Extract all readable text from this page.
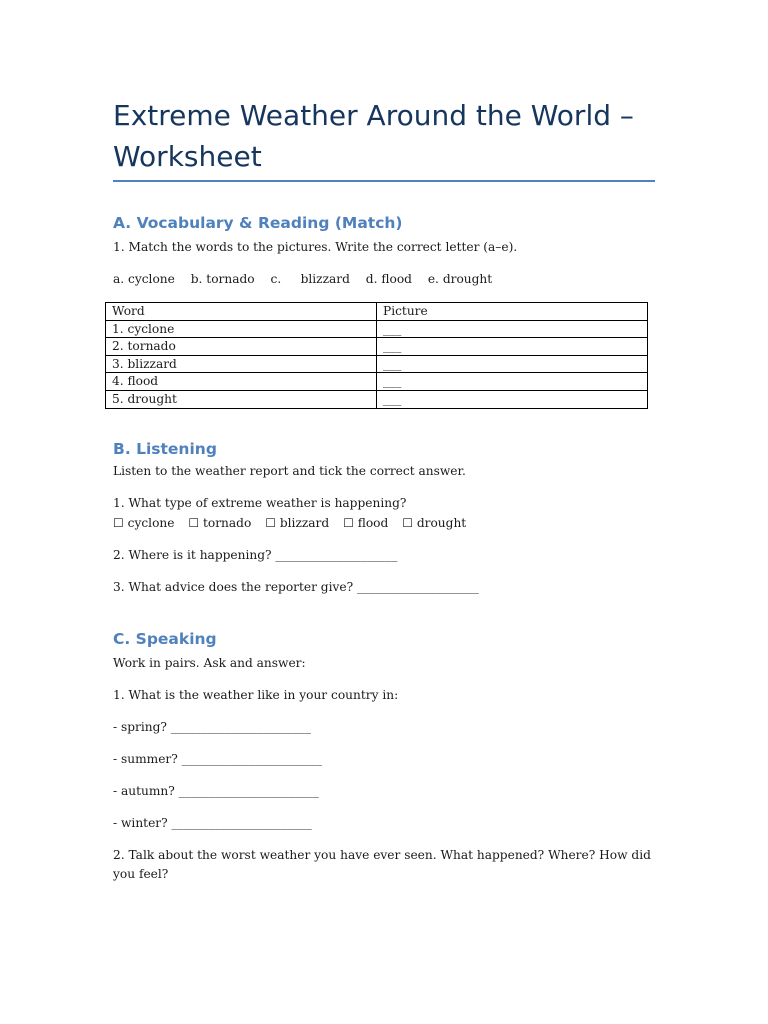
Extreme Weather Around the World – Worksheet
A. Vocabulary & Reading (Match)
1. Match the words to the pictures. Write the correct letter (a–e).
a. cyclone b. tornado c. blizzard d. flood e. drought
Word	Picture
1. cyclone	___
2. tornado	___
3. blizzard	___
4. flood	___
5. drought	___
B. Listening
Listen to the weather report and tick the correct answer.
1. What type of extreme weather is happening?
☐ cyclone ☐ tornado ☐ blizzard ☐ flood ☐ drought
2. Where is it happening? ____________________
3. What advice does the reporter give? ____________________
C. Speaking
Work in pairs. Ask and answer:
1. What is the weather like in your country in:
- spring? _______________________
- summer? _______________________
- autumn? _______________________
- winter? _______________________
2. Talk about the worst weather you have ever seen. What happened? Where? How did you feel?
